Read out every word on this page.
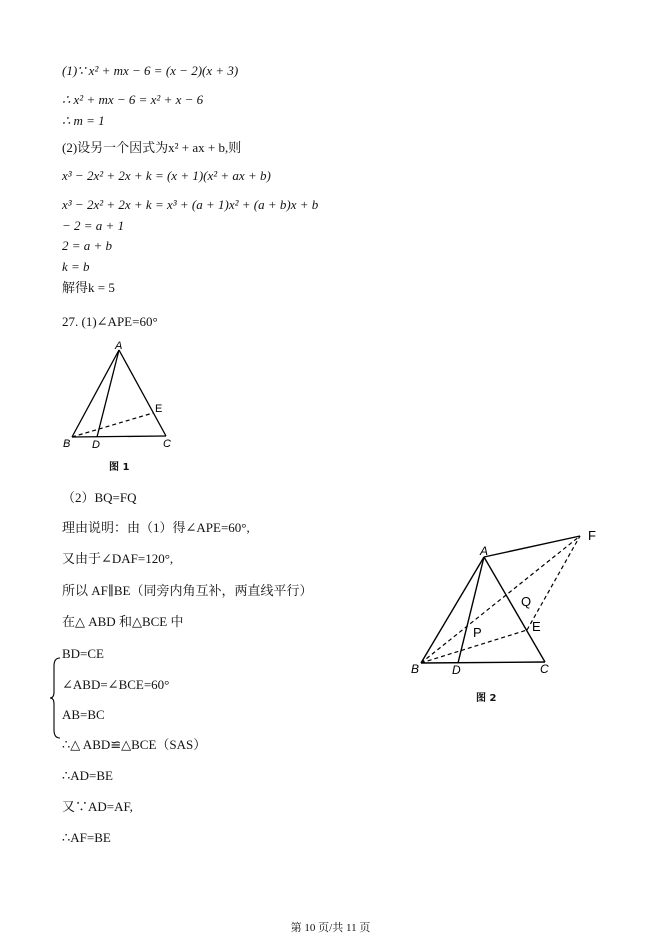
(1)∵ x² + mx − 6 = (x − 2)(x + 3)
∴ x² + mx − 6 = x² + x − 6
∴ m = 1
(2)设另一个因式为x² + ax + b,则
x³ − 2x² + 2x + k = (x + 1)(x² + ax + b)
x³ − 2x² + 2x + k = x³ + (a + 1)x² + (a + b)x + b
− 2 = a + 1
2 = a + b
k = b
解得k = 5
27. (1)∠APE=60°
A
B	C
D
E
图 1
（2）BQ=FQ
理由说明：由（1）得∠APE=60°,
又由于∠DAF=120°,
所以 AF∥BE（同旁内角互补，两直线平行）
在△ ABD 和△BCE 中
BD=CE
∠ABD=∠BCE=60°
AB=BC
∴△ ABD≌△BCE（SAS）
∴AD=BE
又∵AD=AF,
∴AF=BE
A
B	C
D
E
F
P
Q
图 2
第 10 页/共 11 页
